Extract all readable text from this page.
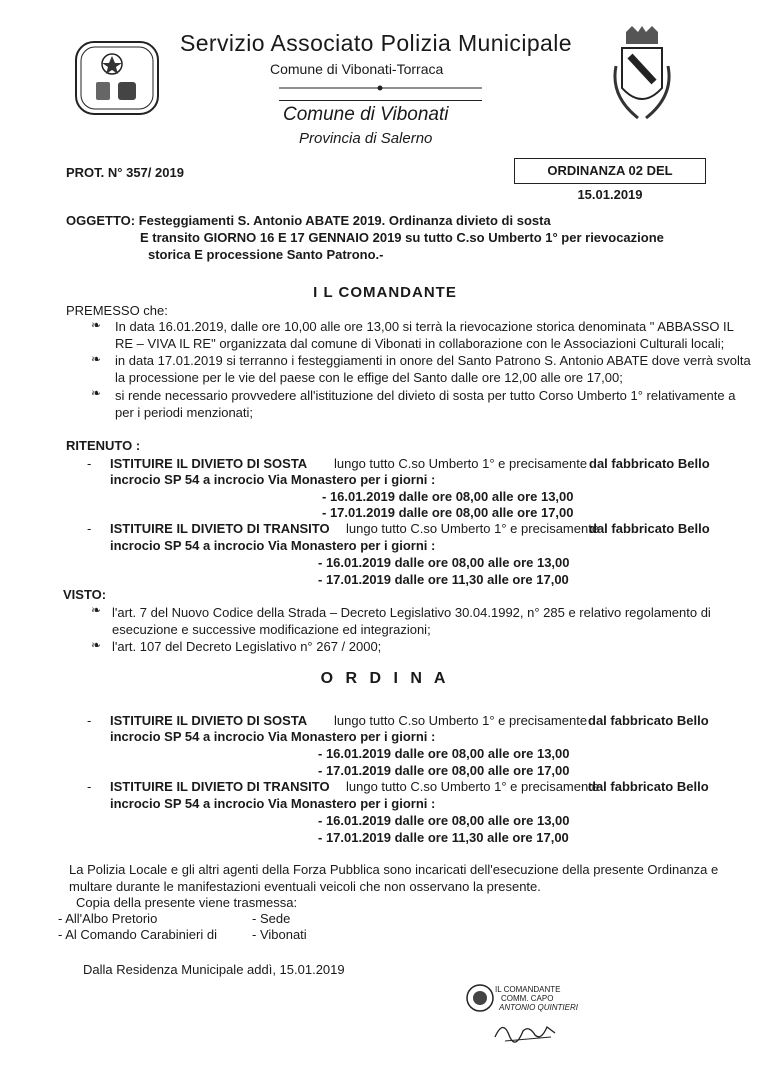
Servizio Associato Polizia Municipale
Comune di Vibonati-Torraca
Comune di Vibonati
Provincia di Salerno
PROT. N° 357/ 2019	ORDINANZA 02 DEL 15.01.2019
OGGETTO: Festeggiamenti S. Antonio ABATE 2019. Ordinanza divieto di sosta
E transito GIORNO 16 E 17 GENNAIO 2019 su tutto C.so Umberto 1° per rievocazione
storica E processione Santo Patrono.-
I L COMANDANTE
PREMESSO che:
❧ In data 16.01.2019, dalle ore 10,00 alle ore 13,00 si terrà la rievocazione storica denominata " ABBASSO IL
RE – VIVA IL RE" organizzata dal comune di Vibonati in collaborazione con le Associazioni Culturali locali;
❧ in data 17.01.2019 si terranno i festeggiamenti in onore del Santo Patrono S. Antonio ABATE dove verrà svolta
la processione per le vie del paese con le effige del Santo dalle ore 12,00 alle ore 17,00;
❧ si rende necessario provvedere all'istituzione del divieto di sosta per tutto Corso Umberto 1° relativamente a
per i periodi menzionati;
RITENUTO :
- ISTITUIRE IL DIVIETO DI SOSTA lungo tutto C.so Umberto 1° e precisamente dal fabbricato Bello
incrocio SP 54 a incrocio Via Monastero per i giorni :
- 16.01.2019 dalle ore 08,00 alle ore 13,00
- 17.01.2019 dalle ore 08,00 alle ore 17,00
- ISTITUIRE IL DIVIETO DI TRANSITO lungo tutto C.so Umberto 1° e precisamente
dal fabbricato Bello
incrocio SP 54 a incrocio Via Monastero per i giorni :
- 16.01.2019 dalle ore 08,00 alle ore 13,00
- 17.01.2019 dalle ore 11,30 alle ore 17,00
VISTO:
❧ l'art. 7 del Nuovo Codice della Strada – Decreto Legislativo 30.04.1992, n° 285 e relativo regolamento di
esecuzione e successive modificazione ed integrazioni;
❧ l'art. 107 del Decreto Legislativo n° 267 / 2000;
O R D I N A
- ISTITUIRE IL DIVIETO DI SOSTA lungo tutto C.so Umberto 1° e precisamente dal fabbricato Bello
incrocio SP 54 a incrocio Via Monastero per i giorni :
- 16.01.2019 dalle ore 08,00 alle ore 13,00
- 17.01.2019 dalle ore 08,00 alle ore 17,00
- ISTITUIRE IL DIVIETO DI TRANSITO lungo tutto C.so Umberto 1° e precisamente
dal fabbricato Bello
incrocio SP 54 a incrocio Via Monastero per i giorni :
- 16.01.2019 dalle ore 08,00 alle ore 13,00
- 17.01.2019 dalle ore 11,30 alle ore 17,00
La Polizia Locale e gli altri agenti della Forza Pubblica sono incaricati dell'esecuzione della presente Ordinanza e
multare durante le manifestazioni eventuali veicoli che non osservano la presente.
Copia della presente viene trasmessa:
- All'Albo Pretorio	- Sede
- Al Comando Carabinieri di	- Vibonati
Dalla Residenza Municipale addì, 15.01.2019
IL COMANDANTE
COMM. CAPO
ANTONIO QUINTIERI
